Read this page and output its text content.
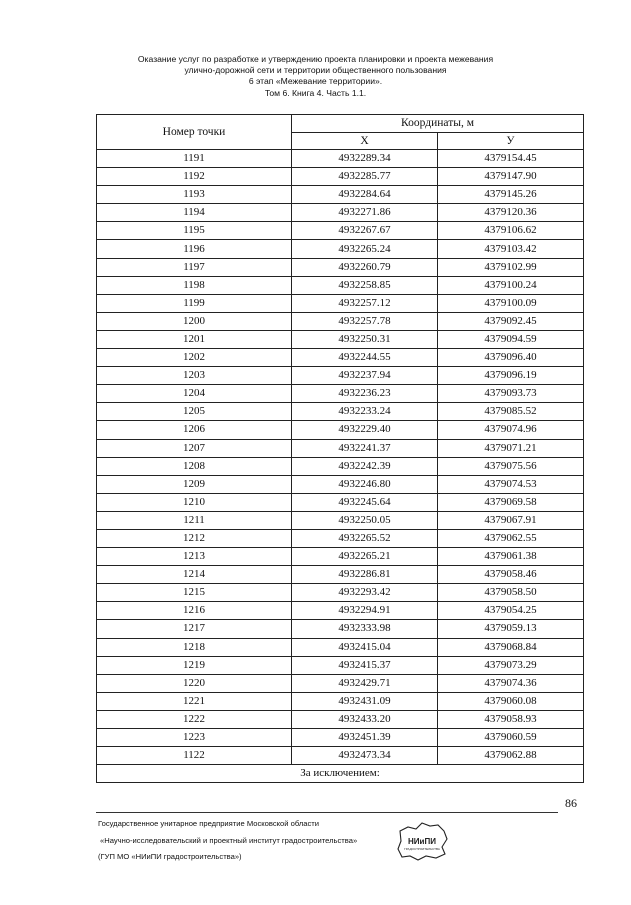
Оказание услуг по разработке и утверждению проекта планировки и проекта межевания
улично-дорожной сети и территории общественного пользования
6 этап «Межевание территории».
Том 6. Книга 4. Часть 1.1.
Номер точки	Координаты, м	
	X	У
1191	4932289.34	4379154.45
1192	4932285.77	4379147.90
1193	4932284.64	4379145.26
1194	4932271.86	4379120.36
1195	4932267.67	4379106.62
1196	4932265.24	4379103.42
1197	4932260.79	4379102.99
1198	4932258.85	4379100.24
1199	4932257.12	4379100.09
1200	4932257.78	4379092.45
1201	4932250.31	4379094.59
1202	4932244.55	4379096.40
1203	4932237.94	4379096.19
1204	4932236.23	4379093.73
1205	4932233.24	4379085.52
1206	4932229.40	4379074.96
1207	4932241.37	4379071.21
1208	4932242.39	4379075.56
1209	4932246.80	4379074.53
1210	4932245.64	4379069.58
1211	4932250.05	4379067.91
1212	4932265.52	4379062.55
1213	4932265.21	4379061.38
1214	4932286.81	4379058.46
1215	4932293.42	4379058.50
1216	4932294.91	4379054.25
1217	4932333.98	4379059.13
1218	4932415.04	4379068.84
1219	4932415.37	4379073.29
1220	4932429.71	4379074.36
1221	4932431.09	4379060.08
1222	4932433.20	4379058.93
1223	4932451.39	4379060.59
1122	4932473.34	4379062.88
За исключением:		
86
Государственное унитарное предприятие Московской области
«Научно-исследовательский и проектный институт градостроительства»
(ГУП МО «НИиПИ градостроительства»)
НИиПИ
ГРАДОСТРОИТЕЛЬСТВА
